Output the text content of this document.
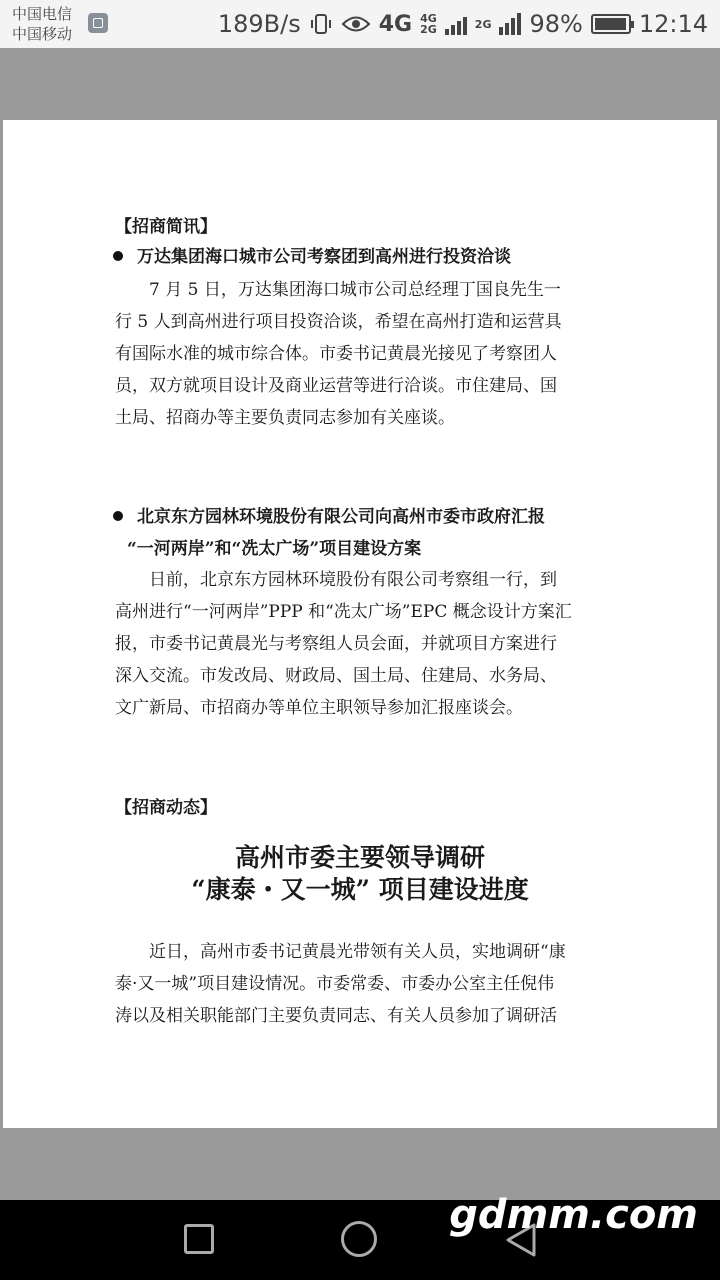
中国电信
中国移动	189B/s	4G 4G
2G	2G 98% 12:14
【招商简讯】
万达集团海口城市公司考察团到高州进行投资洽谈
7 月 5 日，万达集团海口城市公司总经理丁国良先生一
行 5 人到高州进行项目投资洽谈，希望在高州打造和运营具
有国际水准的城市综合体。市委书记黄晨光接见了考察团人
员，双方就项目设计及商业运营等进行洽谈。市住建局、国
土局、招商办等主要负责同志参加有关座谈。
北京东方园林环境股份有限公司向高州市委市政府汇报
“一河两岸”和“冼太广场”项目建设方案
日前，北京东方园林环境股份有限公司考察组一行，到
高州进行“一河两岸”PPP 和“冼太广场”EPC 概念设计方案汇
报，市委书记黄晨光与考察组人员会面，并就项目方案进行
深入交流。市发改局、财政局、国土局、住建局、水务局、
文广新局、市招商办等单位主职领导参加汇报座谈会。
【招商动态】
高州市委主要领导调研
“康泰・又一城” 项目建设进度
近日，高州市委书记黄晨光带领有关人员，实地调研“康
泰·又一城”项目建设情况。市委常委、市委办公室主任倪伟
涛以及相关职能部门主要负责同志、有关人员参加了调研活
gdmm.com
